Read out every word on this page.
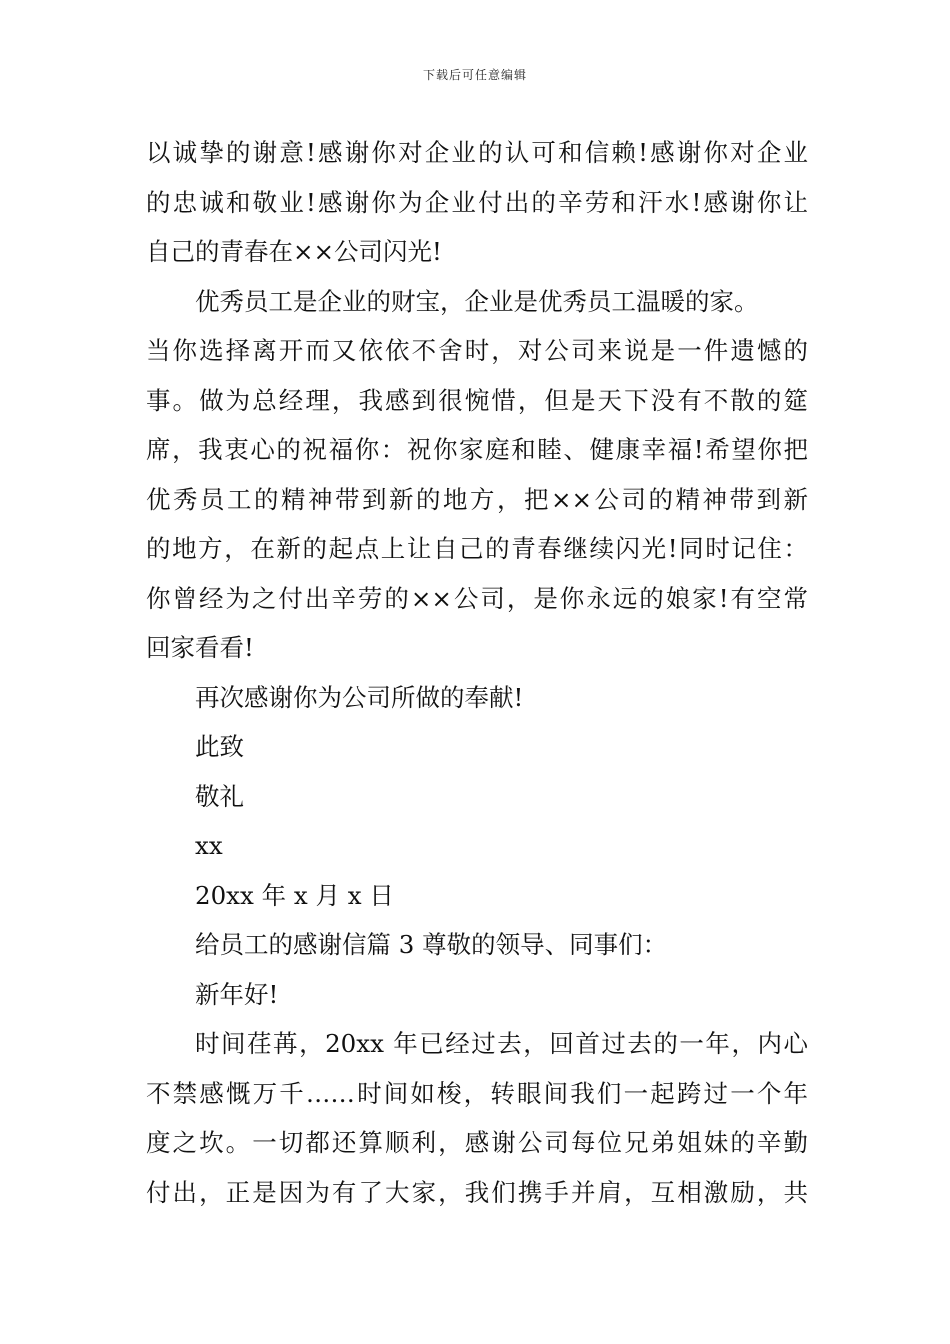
下载后可任意编辑

以诚挚的谢意!感谢你对企业的认可和信赖!感谢你对企业
的忠诚和敬业!感谢你为企业付出的辛劳和汗水!感谢你让
自己的青春在××公司闪光!

优秀员工是企业的财宝，企业是优秀员工温暖的家。
当你选择离开而又依依不舍时，对公司来说是一件遗憾的
事。做为总经理，我感到很惋惜，但是天下没有不散的筵
席，我衷心的祝福你：祝你家庭和睦、健康幸福!希望你把
优秀员工的精神带到新的地方，把××公司的精神带到新
的地方，在新的起点上让自己的青春继续闪光!同时记住：
你曾经为之付出辛劳的××公司，是你永远的娘家!有空常
回家看看!

再次感谢你为公司所做的奉献!

此致

敬礼

xx

20xx 年 x 月 x 日

给员工的感谢信篇 3 尊敬的领导、同事们：

新年好!

时间荏苒，20xx 年已经过去，回首过去的一年，内心
不禁感慨万千……时间如梭，转眼间我们一起跨过一个年
度之坎。一切都还算顺利，感谢公司每位兄弟姐妹的辛勤
付出，正是因为有了大家，我们携手并肩，互相激励，共
